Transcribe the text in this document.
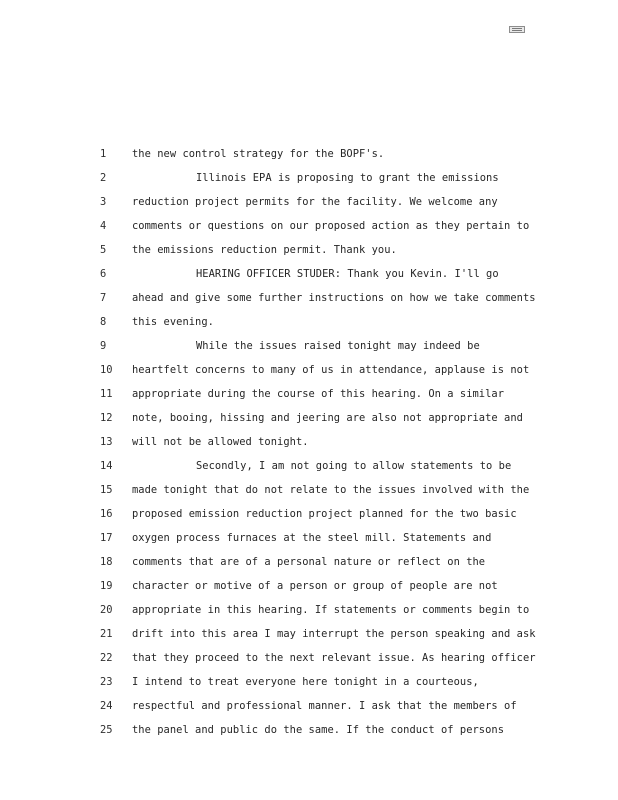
1	the new control strategy for the BOPF's.
2	Illinois EPA is proposing to grant the emissions
3	reduction project permits for the facility. We welcome any
4	comments or questions on our proposed action as they pertain to
5	the emissions reduction permit. Thank you.
6	HEARING OFFICER STUDER: Thank you Kevin. I'll go
7	ahead and give some further instructions on how we take comments
8	this evening.
9	While the issues raised tonight may indeed be
10	heartfelt concerns to many of us in attendance, applause is not
11	appropriate during the course of this hearing. On a similar
12	note, booing, hissing and jeering are also not appropriate and
13	will not be allowed tonight.
14	Secondly, I am not going to allow statements to be
15	made tonight that do not relate to the issues involved with the
16	proposed emission reduction project planned for the two basic
17	oxygen process furnaces at the steel mill. Statements and
18	comments that are of a personal nature or reflect on the
19	character or motive of a person or group of people are not
20	appropriate in this hearing. If statements or comments begin to
21	drift into this area I may interrupt the person speaking and ask
22	that they proceed to the next relevant issue. As hearing officer
23	I intend to treat everyone here tonight in a courteous,
24	respectful and professional manner. I ask that the members of
25	the panel and public do the same. If the conduct of persons
